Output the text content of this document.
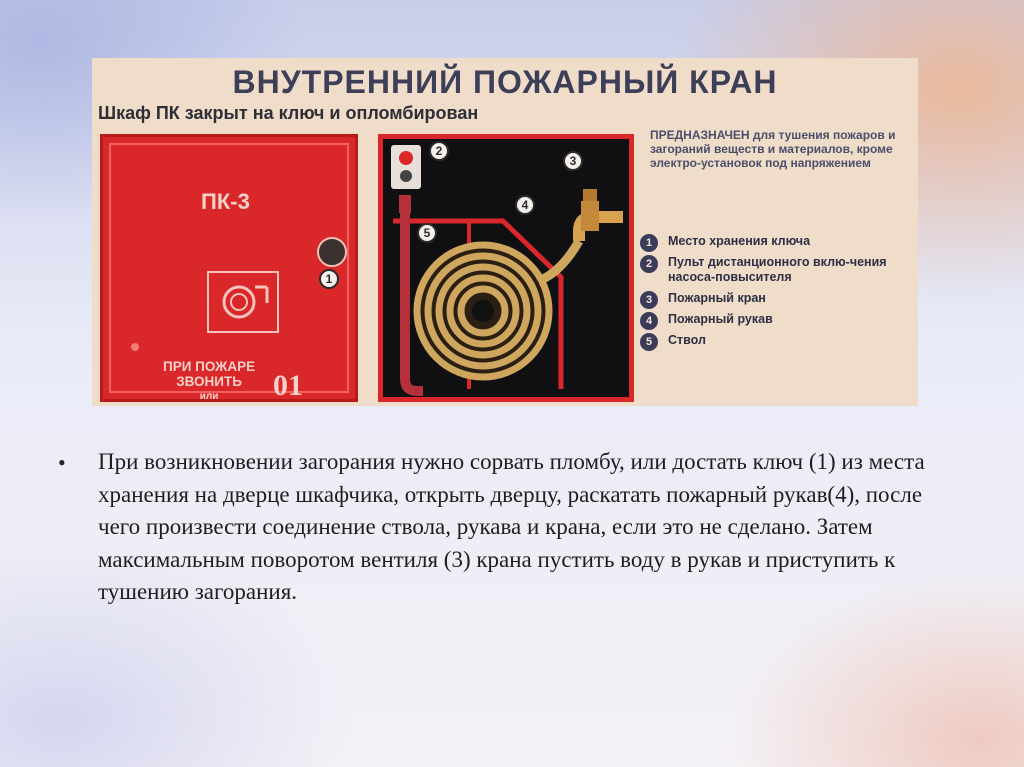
ВНУТРЕННИЙ ПОЖАРНЫЙ КРАН
Шкаф ПК закрыт на ключ и опломбирован
ПК-3
1
ПРИ ПОЖАРЕ
ЗВОНИТЬ
или	01
2
3
4
5
ПРЕДНАЗНАЧЕН для тушения пожаров и загораний веществ и материалов, кроме электро-установок под напряжением
1	Место хранения ключа
2	Пульт дистанционного вклю-чения насоса-повысителя
3	Пожарный кран
4	Пожарный рукав
5	Ствол
• При возникновении загорания нужно сорвать пломбу, или достать ключ (1) из места хранения на дверце шкафчика, открыть дверцу, раскатать пожарный рукав(4), после чего произвести соединение ствола, рукава и крана, если это не сделано. Затем максимальным поворотом вентиля (3) крана пустить воду в рукав и приступить к тушению загорания.
